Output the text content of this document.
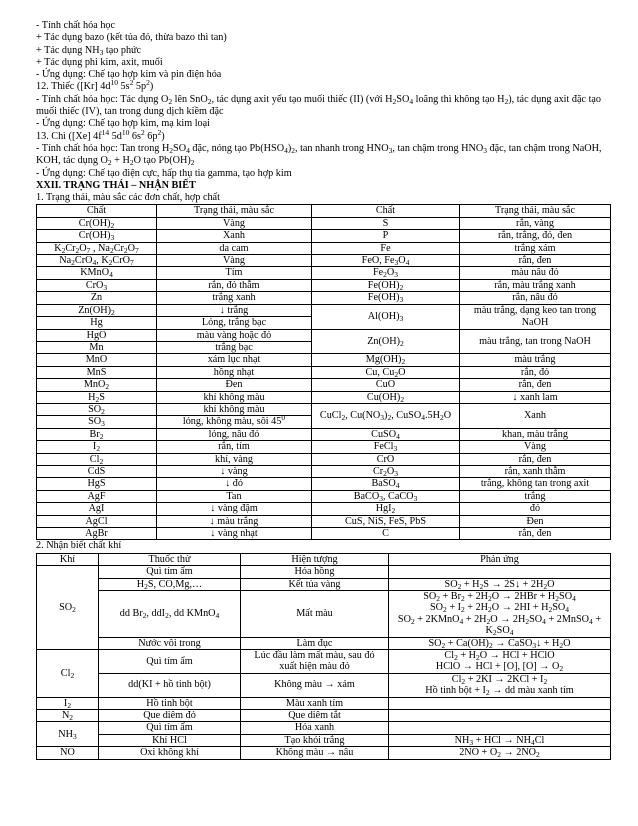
- Tính chất hóa học
+ Tác dụng bazo (kết tủa đỏ, thừa bazo thì tan)
+ Tác dụng $NH_3$ tạo phức
+ Tác dụng phi kim, axit, muối
- Ứng dụng: Chế tạo hợp kim và pin điện hóa
12. Thiếc ([Kr] $4d^{10}$ $5s^2$ $5p^2$)
- Tính chất hóa học: Tác dụng $O_2$ lên SnO$_2$, tác dụng axit yếu tạo muối thiếc (II) (với $H_2SO_4$ loãng thì không tạo $H_2$), tác dụng axit đặc tạo muối thiếc (IV), tan trong dung dịch kiềm đặc
- Ứng dụng: Chế tạo hợp kim, mạ kim loại
13. Chì ([Xe] $4f^{14}$ $5d^{10}$ $6s^2$ $6p^2$)
- Tính chất hóa học: Tan trong $H_2SO_4$ đặc, nóng tạo $Pb(HSO_4)_2$, tan nhanh trong $HNO_3$, tan chậm trong $HNO_3$ đặc, tan chậm trong NaOH, KOH, tác dụng $O_2 + H_2O$ tạo $Pb(OH)_2$
- Ứng dụng: Chế tạo điện cực, hấp thụ tia gamma, tạo hợp kim
XXII. TRẠNG THÁI – NHẬN BIẾT
1. Trạng thái, màu sắc các đơn chất, hợp chất
Chất	Trạng thái, màu sắc	Chất	Trạng thái, màu sắc
$Cr(OH)_2$	Vàng	S	rắn, vàng
$Cr(OH)_3$	Xanh	P	rắn, trắng, đỏ, đen
$K_2Cr_2O_7$ , $Na_2Cr_2O_7$	da cam	Fe	trắng xám
$Na_2CrO_4$, $K_2CrO_7$	Vàng	FeO, $Fe_3O_4$	rắn, đen
KMnO$_4$	Tím	$Fe_2O_3$	màu nâu đỏ
CrO$_3$	rắn, đỏ thẫm	$Fe(OH)_2$	rắn, màu trắng xanh
Zn	trắng xanh	$Fe(OH)_3$	rắn, nâu đỏ
$Zn(OH)_2$	↓ trắng	$Al(OH)_3$	màu trắng, dạng keo tan trong NaOH
Hg	Lỏng, trắng bạc		
HgO	màu vàng hoặc đỏ	$Zn(OH)_2$	màu trắng, tan trong NaOH
Mn	trắng bạc		
MnO	xám lục nhạt	$Mg(OH)_2$	màu trắng
MnS	hồng nhạt	Cu, $Cu_2O$	rắn, đỏ
MnO$_2$	Đen	CuO	rắn, đen
$H_2S$	khí không màu	$Cu(OH)_2$	↓ xanh lam
$SO_2$	khí không màu	CuCl$_2$, $Cu(NO_3)_2$, $CuSO_4.5H_2O$	Xanh
$SO_3$	lỏng, không màu, sôi $45^0$
$Br_2$	lỏng, nâu đỏ	CuSO$_4$	khan, màu trắng
$I_2$	rắn, tím	FeCl$_3$	Vàng
$Cl_2$	khí, vàng	CrO	rắn, đen
CdS	↓ vàng	$Cr_2O_3$	rắn, xanh thẫm
HgS	↓ đỏ	BaSO$_4$	trắng, không tan trong axit
AgF	Tan	BaCO$_3$, CaCO$_3$	trắng
AgI	↓ vàng đậm	HgI$_2$	đỏ
AgCl	↓ màu trắng	CuS, NiS, FeS, PbS	Đen
AgBr	↓ vàng nhạt	C	rắn, đen
2. Nhận biết chất khí
Khí	Thuốc thử	Hiện tượng	Phản ứng
$SO_2$	Quì tím ẩm	Hóa hồng	
	$H_2S$, CO,Mg,…	Kết tủa vàng	$SO_2 + H_2S$ → 2S↓ + $2H_2O$
	dd $Br_2$, ddI$_2$, dd KMnO$_4$	Mất màu	$SO_2 + Br_2 + 2H_2O \to 2HBr + H_2SO_4$
$SO_2 + I_2 + 2H_2O \to 2HI + H_2SO_4$
$SO_2$ + 2KMnO$_4$ + $2H_2O \to 2H_2SO_4$ + 2MnSO$_4$ +
$K_2SO_4$
	Nước vôi trong	Làm đục	$SO_2 + Ca(OH)_2$ → CaSO$_3$↓ + $H_2O$
$Cl_2$	Quì tím ẩm	Lúc đầu làm mất màu, sau đó
xuất hiện màu đỏ	$Cl_2 + H_2O$ → HCl + HClO
HClO → HCl + [O], $[O] \to O_2$
	dd(KI + hồ tinh bột)	Không màu → xám	$Cl_2 + 2KI \to 2KCl + I_2$
Hồ tinh bột + $I_2$ → dd màu xanh tím
$I_2$	Hồ tinh bột	Màu xanh tím	
$N_2$	Que diêm đỏ	Que diêm tắt	
$NH_3$	Quì tím ẩm	Hóa xanh	
	Khí HCl	Tạo khói trắng	$NH_3$ + HCl → $NH_4Cl$
NO	Oxi không khí	Không màu → nâu	$2NO + O_2 \to 2NO_2$
